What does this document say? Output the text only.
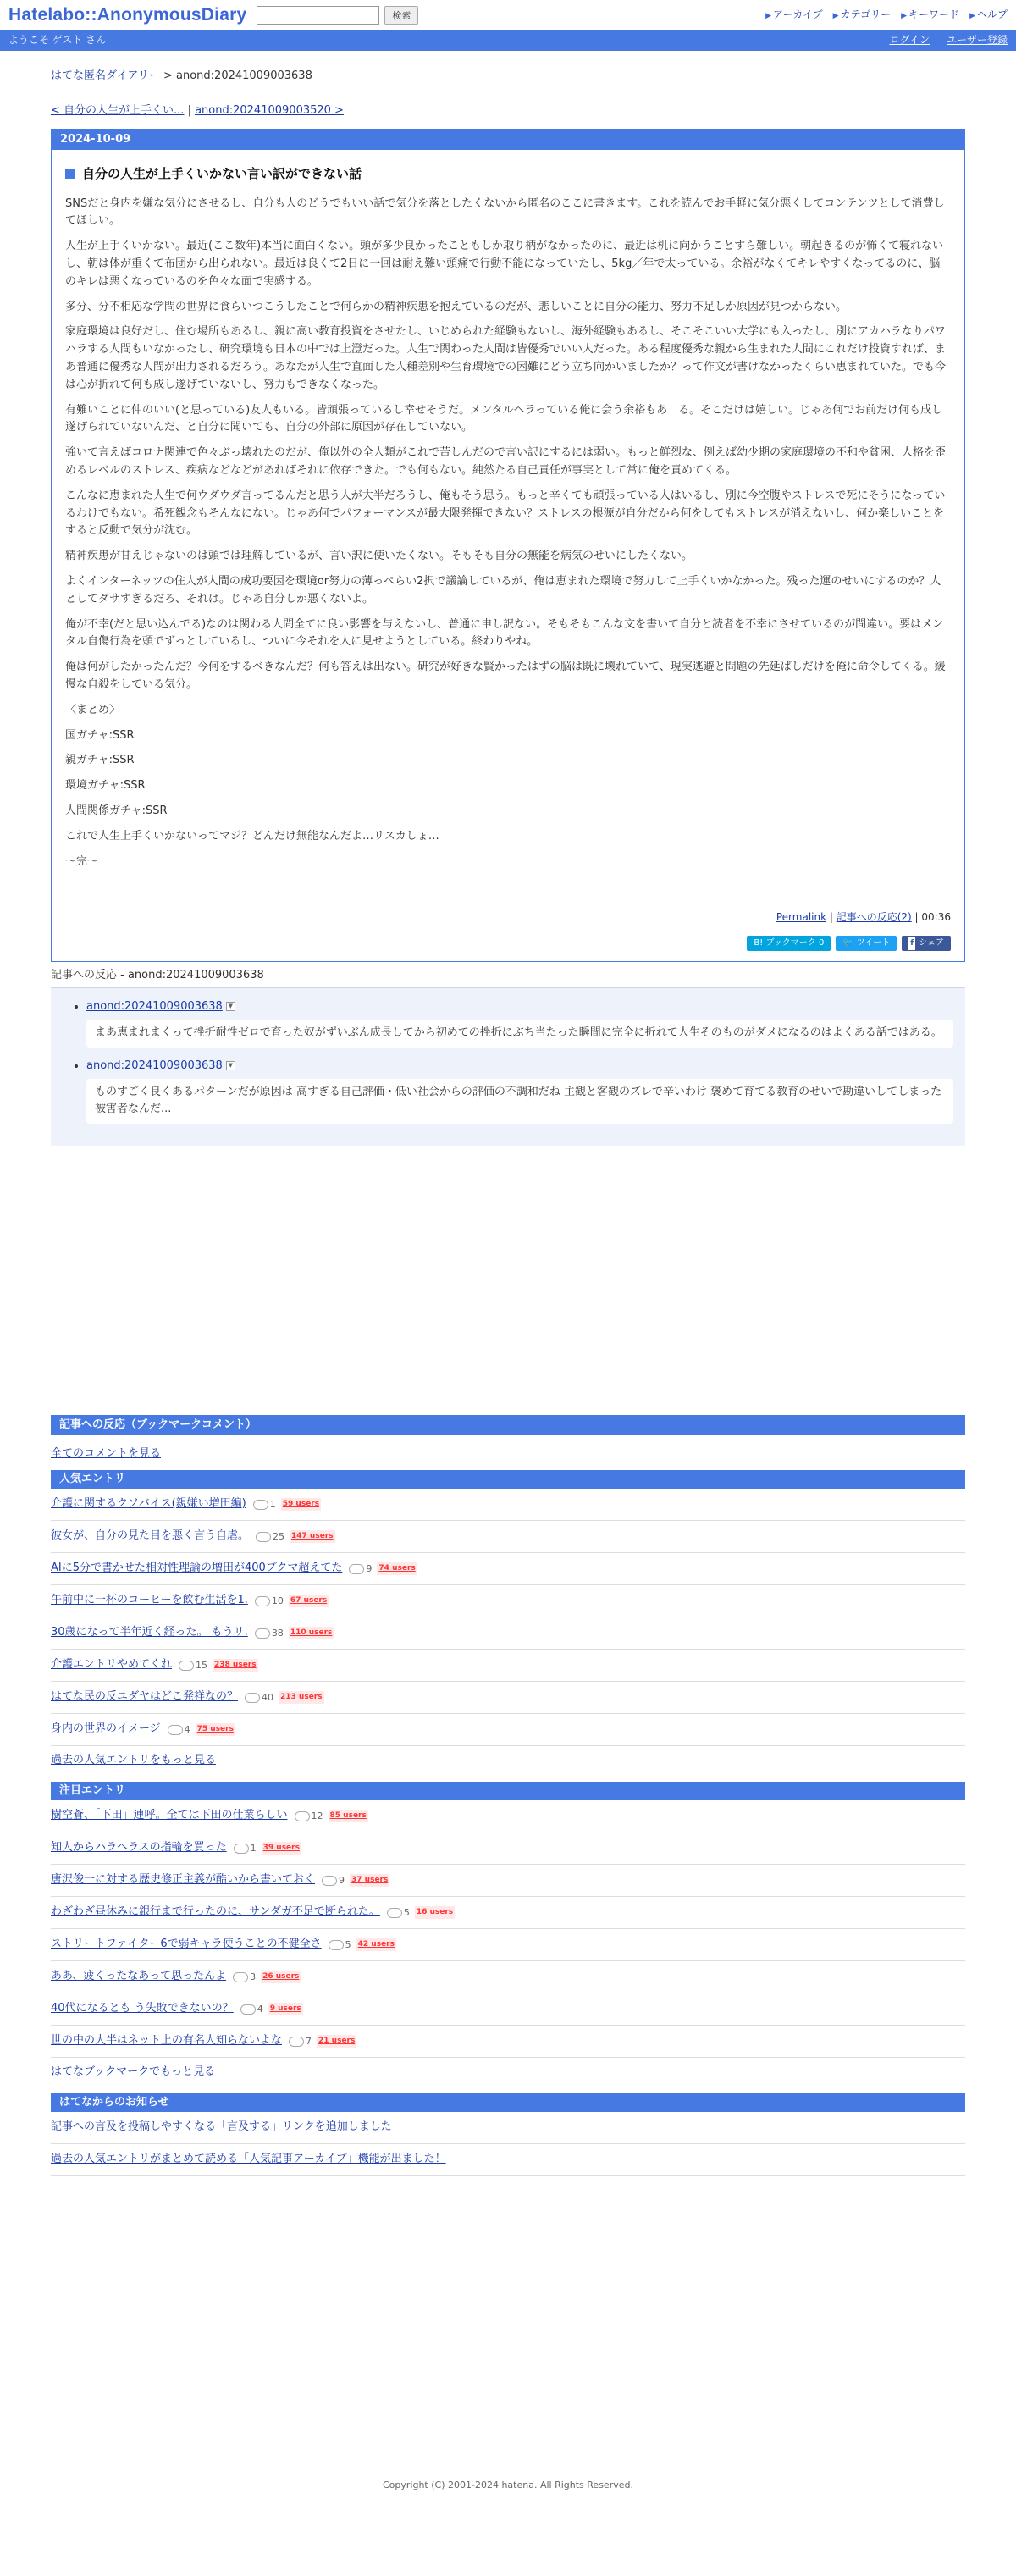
Hatelabo::AnonymousDiary	検索	▶ アーカイブ ▶ カテゴリー ▶ キーワード ▶ ヘルプ
ようこそ ゲスト さん	ログイン ユーザー登録
はてな匿名ダイアリー > anond:20241009003638
< 自分の人生が上手くい... | anond:20241009003520 >
2024-10-09
自分の人生が上手くいかない言い訳ができない話

SNSだと身内を嫌な気分にさせるし、自分も人のどうでもいい話で気分を落としたくないから匿名のここに書きます。これを読んでお手軽に気分悪くしてコンテンツとして消費してほしい。

人生が上手くいかない。最近(ここ数年)本当に面白くない。頭が多少良かったこともしか取り柄がなかったのに、最近は机に向かうことすら難しい。朝起きるのが怖くて寝れないし、朝は体が重くて布団から出られない。最近は良くて2日に一回は耐え難い頭痛で行動不能になっていたし、5kg／年で太っている。余裕がなくてキレやすくなってるのに、脳のキレは悪くなっているのを色々な面で実感する。

多分、分不相応な学問の世界に食らいつこうしたことで何らかの精神疾患を抱えているのだが、悲しいことに自分の能力、努力不足しか原因が見つからない。

家庭環境は良好だし、住む場所もあるし、親に高い教育投資をさせたし、いじめられた経験もないし、海外経験もあるし、そこそこいい大学にも入ったし、別にアカハラなりパワハラする人間もいなかったし、研究環境も日本の中では上澄だった。人生で関わった人間は皆優秀でいい人だった。ある程度優秀な親から生まれた人間にこれだけ投資すれば、まあ普通に優秀な人間が出力されるだろう。あなたが人生で直面した人種差別や生育環境での困難にどう立ち向かいましたか？って作文が書けなかったくらい恵まれていた。でも今は心が折れて何も成し遂げていないし、努力もできなくなった。

有難いことに仲のいい(と思っている)友人もいる。皆頑張っているし幸せそうだ。メンタルヘラっている俺に会う余裕もあ　る。そこだけは嬉しい。じゃあ何でお前だけ何も成し遂げられていないんだ、と自分に聞いても、自分の外部に原因が存在していない。

強いて言えばコロナ関連で色々ぶっ壊れたのだが、俺以外の全人類がこれで苦しんだので言い訳にするには弱い。もっと鮮烈な、例えば幼少期の家庭環境の不和や貧困、人格を歪めるレベルのストレス、疾病などなどがあればそれに依存できた。でも何もない。純然たる自己責任が事実として常に俺を責めてくる。

こんなに恵まれた人生で何ウダウダ言ってるんだと思う人が大半だろうし、俺もそう思う。もっと辛くても頑張っている人はいるし、別に今空腹やストレスで死にそうになっているわけでもない。希死観念もそんなにない。じゃあ何でパフォーマンスが最大限発揮できない？ストレスの根源が自分だから何をしてもストレスが消えないし、何か楽しいことをすると反動で気分が沈む。

精神疾患が甘えじゃないのは頭では理解しているが、言い訳に使いたくない。そもそも自分の無能を病気のせいにしたくない。

よくインターネッツの住人が人間の成功要因を環境or努力の薄っぺらい2択で議論しているが、俺は恵まれた環境で努力して上手くいかなかった。残った運のせいにするのか？人としてダサすぎるだろ、それは。じゃあ自分しか悪くないよ。

俺が不幸(だと思い込んでる)なのは関わる人間全てに良い影響を与えないし、普通に申し訳ない。そもそもこんな文を書いて自分と読者を不幸にさせているのが間違い。要はメンタル自傷行為を頭でずっとしているし、ついに今それを人に見せようとしている。終わりやね。

俺は何がしたかったんだ？今何をするべきなんだ？何も答えは出ない。研究が好きな賢かったはずの脳は既に壊れていて、現実逃避と問題の先延ばしだけを俺に命令してくる。緩慢な自殺をしている気分。

〈まとめ〉

国ガチャ:SSR

親ガチャ:SSR

環境ガチャ:SSR

人間関係ガチャ:SSR

これで人生上手くいかないってマジ？どんだけ無能なんだよ…リスカしょ…

〜完〜

Permalink | 記事への反応(2) | 00:36
B! ブックマーク 0	🐦 ツイート	f シェア
記事への反応 - anond:20241009003638
• anond:20241009003638 ▼
まあ恵まれまくって挫折耐性ゼロで育った奴がずいぶん成長してから初めての挫折にぶち当たった瞬間に完全に折れて人生そのものがダメになるのはよくある話ではある。
• anond:20241009003638 ▼
ものすごく良くあるパターンだが原因は 高すぎる自己評価・低い社会からの評価の不調和だね 主観と客観のズレで辛いわけ 褒めて育てる教育のせいで勘違いしてしまった被害者なんだ...
記事への反応（ブックマークコメント）
全てのコメントを見る
人気エントリ
介護に関するクソバイス(親嫌い増田編)	1 59 users
彼女が、自分の見た目を悪く言う自虐。	25 147 users
AIに5分で書かせた相対性理論の増田が400ブクマ超えてた	9 74 users
午前中に一杯のコーヒーを飲む生活を1.	10 67 users
30歳になって半年近く経った。 もうリ.	38 110 users
介護エントリやめてくれ	15 238 users
はてな民の反ユダヤはどこ発祥なの？	40 213 users
身内の世界のイメージ	4 75 users
過去の人気エントリをもっと見る
注目エントリ
樹空蒼、「下田」連呼。全ては下田の仕業らしい	12 85 users
知人からハラヘラスの指輪を買った	1 39 users
唐沢俊一に対する歴史修正主義が酷いから書いておく	9 37 users
わざわざ昼休みに銀行まで行ったのに、サンダガ不足で断られた。	5 16 users
ストリートファイター6で弱キャラ使うことの不健全さ	5 42 users
ああ、疲くったなあって思ったんよ	3 26 users
40代になるとも う失敗できないの？	4 9 users
世の中の大半はネット上の有名人知らないよな	7 21 users
はてなブックマークでもっと見る
はてなからのお知らせ
記事への言及を投稿しやすくなる「言及する」リンクを追加しました
過去の人気エントリがまとめて読める「人気記事アーカイブ」機能が出ました！
Copyright (C) 2001-2024 hatena. All Rights Reserved.
